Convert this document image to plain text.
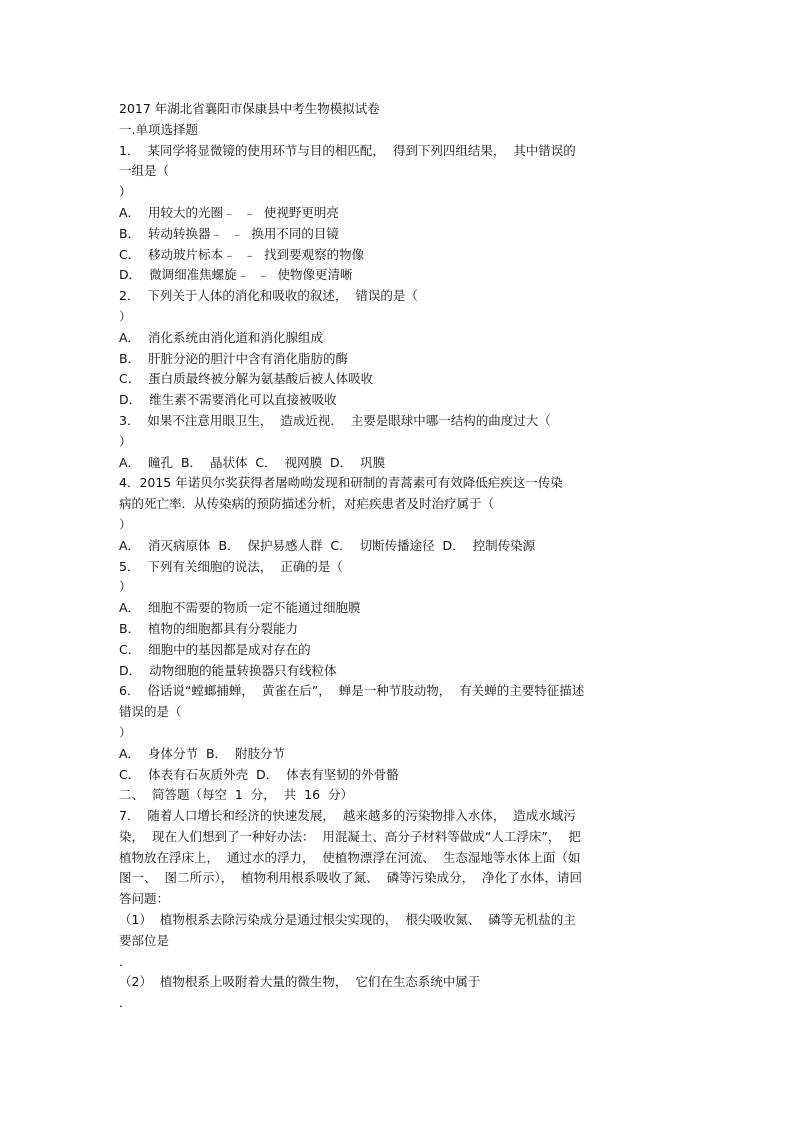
2017 年湖北省襄阳市保康县中考生物模拟试卷
一.单项选择题
1．  某同学将显微镜的使用环节与目的相匹配，  得到下列四组结果，  其中错误的
一组是（
）
A．  用较大的光圈﹣  ﹣  使视野更明亮
B．  转动转换器﹣  ﹣  换用不同的目镜
C．  移动玻片标本﹣  ﹣  找到要观察的物像
D．  微调细准焦螺旋﹣  ﹣  使物像更清晰
2．  下列关于人体的消化和吸收的叙述，  错误的是（
）
A．  消化系统由消化道和消化腺组成
B．  肝脏分泌的胆汁中含有消化脂肪的酶
C．  蛋白质最终被分解为氨基酸后被人体吸收
D．  维生素不需要消化可以直接被吸收
3．  如果不注意用眼卫生，  造成近视．  主要是眼球中哪一结构的曲度过大（
）
A．  瞳孔  B．  晶状体  C．  视网膜  D．  巩膜
4．2015 年诺贝尔奖获得者屠呦呦发现和研制的青蒿素可有效降低疟疾这一传染
病的死亡率．从传染病的预防描述分析，对疟疾患者及时治疗属于（
）
A．  消灭病原体  B．  保护易感人群  C．  切断传播途径  D．  控制传染源
5．  下列有关细胞的说法，  正确的是（
）
A．  细胞不需要的物质一定不能通过细胞膜
B．  植物的细胞都具有分裂能力
C．  细胞中的基因都是成对存在的
D．  动物细胞的能量转换器只有线粒体
6．  俗话说“螳螂捕蝉，  黄雀在后”，  蝉是一种节肢动物，  有关蝉的主要特征描述
错误的是（
）
A．  身体分节  B．  附肢分节
C．  体表有石灰质外壳  D．  体表有坚韧的外骨骼
二、  简答题（每空  1  分，  共  16  分）
7．  随着人口增长和经济的快速发展，  越来越多的污染物排入水体，  造成水域污
染，  现在人们想到了一种好办法：  用混凝土、高分子材料等做成“人工浮床”，  把
植物放在浮床上，  通过水的浮力，  使植物漂浮在河流、  生态湿地等水体上面（如
图一、  图二所示），  植物利用根系吸收了氮、  磷等污染成分，  净化了水体，请回
答问题：
（1）  植物根系去除污染成分是通过根尖实现的，  根尖吸收氮、  磷等无机盐的主
要部位是
．
（2）  植物根系上吸附着大量的微生物，  它们在生态系统中属于
．
